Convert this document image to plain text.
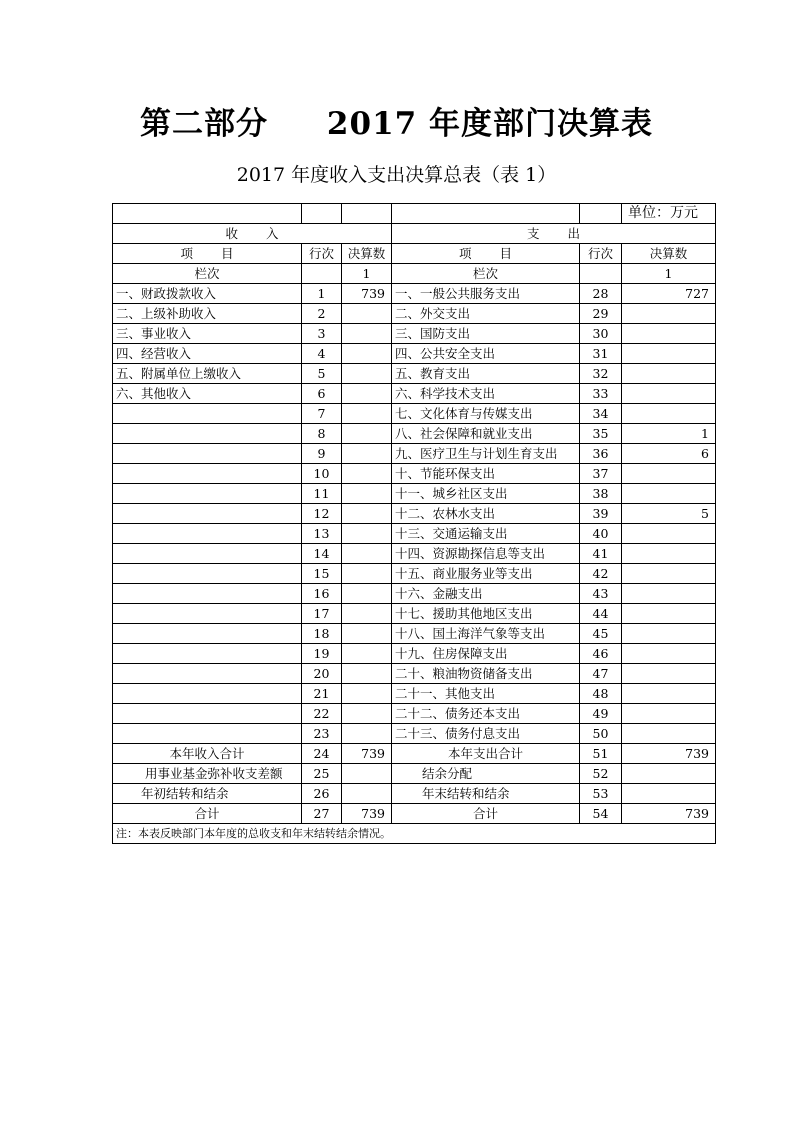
第二部分     2017 年度部门决算表
2017 年度收入支出决算总表（表 1）
					单位：万元
收入			支出		
项目	行次	决算数	项目	行次	决算数
栏次		1	栏次		1
一、财政拨款收入	1	739	一、一般公共服务支出	28	727
二、上级补助收入	2		二、外交支出	29	
三、事业收入	3		三、国防支出	30	
四、经营收入	4		四、公共安全支出	31	
五、附属单位上缴收入	5		五、教育支出	32	
六、其他收入	6		六、科学技术支出	33	
	7		七、文化体育与传媒支出	34	
	8		八、社会保障和就业支出	35	1
	9		九、医疗卫生与计划生育支出	36	6
	10		十、节能环保支出	37	
	11		十一、城乡社区支出	38	
	12		十二、农林水支出	39	5
	13		十三、交通运输支出	40	
	14		十四、资源勘探信息等支出	41	
	15		十五、商业服务业等支出	42	
	16		十六、金融支出	43	
	17		十七、援助其他地区支出	44	
	18		十八、国土海洋气象等支出	45	
	19		十九、住房保障支出	46	
	20		二十、粮油物资储备支出	47	
	21		二十一、其他支出	48	
	22		二十二、债务还本支出	49	
	23		二十三、债务付息支出	50	
本年收入合计	24	739	本年支出合计	51	739
用事业基金弥补收支差额	25		结余分配	52	
年初结转和结余	26		年末结转和结余	53	
合计	27	739	合计	54	739
注：本表反映部门本年度的总收支和年末结转结余情况。					
